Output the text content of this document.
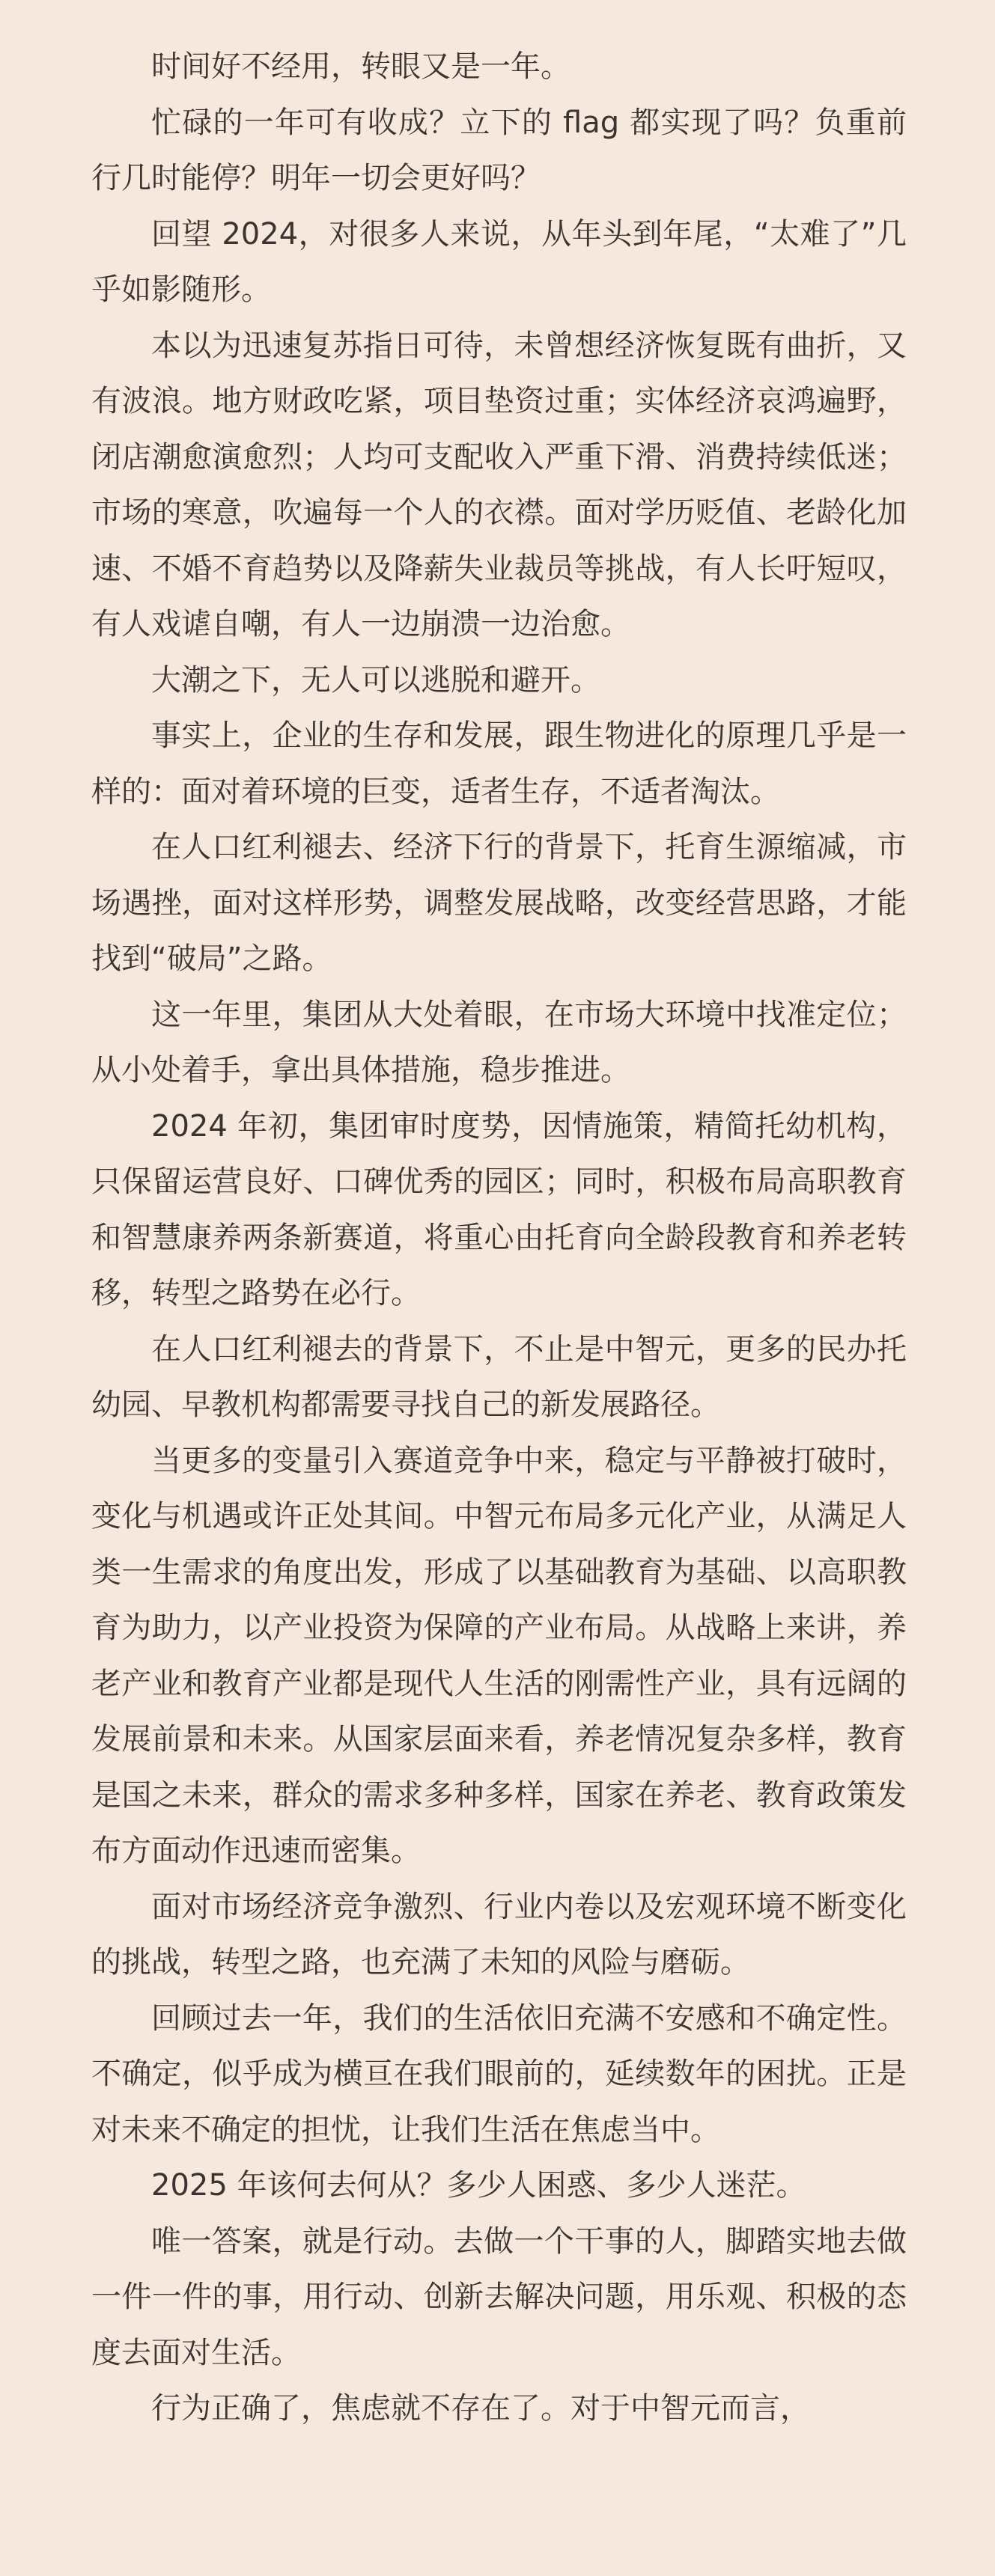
时间好不经用，转眼又是一年。

忙碌的一年可有收成？立下的 flag 都实现了吗？负重前行几时能停？明年一切会更好吗？

回望 2024，对很多人来说，从年头到年尾，“太难了”几乎如影随形。

本以为迅速复苏指日可待，未曾想经济恢复既有曲折，又有波浪。地方财政吃紧，项目垫资过重；实体经济哀鸿遍野，闭店潮愈演愈烈；人均可支配收入严重下滑、消费持续低迷；市场的寒意，吹遍每一个人的衣襟。面对学历贬值、老龄化加速、不婚不育趋势以及降薪失业裁员等挑战，有人长吁短叹，有人戏谑自嘲，有人一边崩溃一边治愈。

大潮之下，无人可以逃脱和避开。

事实上，企业的生存和发展，跟生物进化的原理几乎是一样的：面对着环境的巨变，适者生存，不适者淘汰。

在人口红利褪去、经济下行的背景下，托育生源缩减，市场遇挫，面对这样形势，调整发展战略，改变经营思路，才能找到“破局”之路。

这一年里，集团从大处着眼，在市场大环境中找准定位；从小处着手，拿出具体措施，稳步推进。

2024 年初，集团审时度势，因情施策，精简托幼机构，只保留运营良好、口碑优秀的园区；同时，积极布局高职教育和智慧康养两条新赛道，将重心由托育向全龄段教育和养老转移，转型之路势在必行。

在人口红利褪去的背景下，不止是中智元，更多的民办托幼园、早教机构都需要寻找自己的新发展路径。

当更多的变量引入赛道竞争中来，稳定与平静被打破时，变化与机遇或许正处其间。中智元布局多元化产业，从满足人类一生需求的角度出发，形成了以基础教育为基础、以高职教育为助力，以产业投资为保障的产业布局。从战略上来讲，养老产业和教育产业都是现代人生活的刚需性产业，具有远阔的发展前景和未来。从国家层面来看，养老情况复杂多样，教育是国之未来，群众的需求多种多样，国家在养老、教育政策发布方面动作迅速而密集。

面对市场经济竞争激烈、行业内卷以及宏观环境不断变化的挑战，转型之路，也充满了未知的风险与磨砺。

回顾过去一年，我们的生活依旧充满不安感和不确定性。不确定，似乎成为横亘在我们眼前的，延续数年的困扰。正是对未来不确定的担忧，让我们生活在焦虑当中。

2025 年该何去何从？多少人困惑、多少人迷茫。

唯一答案，就是行动。去做一个干事的人，脚踏实地去做一件一件的事，用行动、创新去解决问题，用乐观、积极的态度去面对生活。

行为正确了，焦虑就不存在了。对于中智元而言，
